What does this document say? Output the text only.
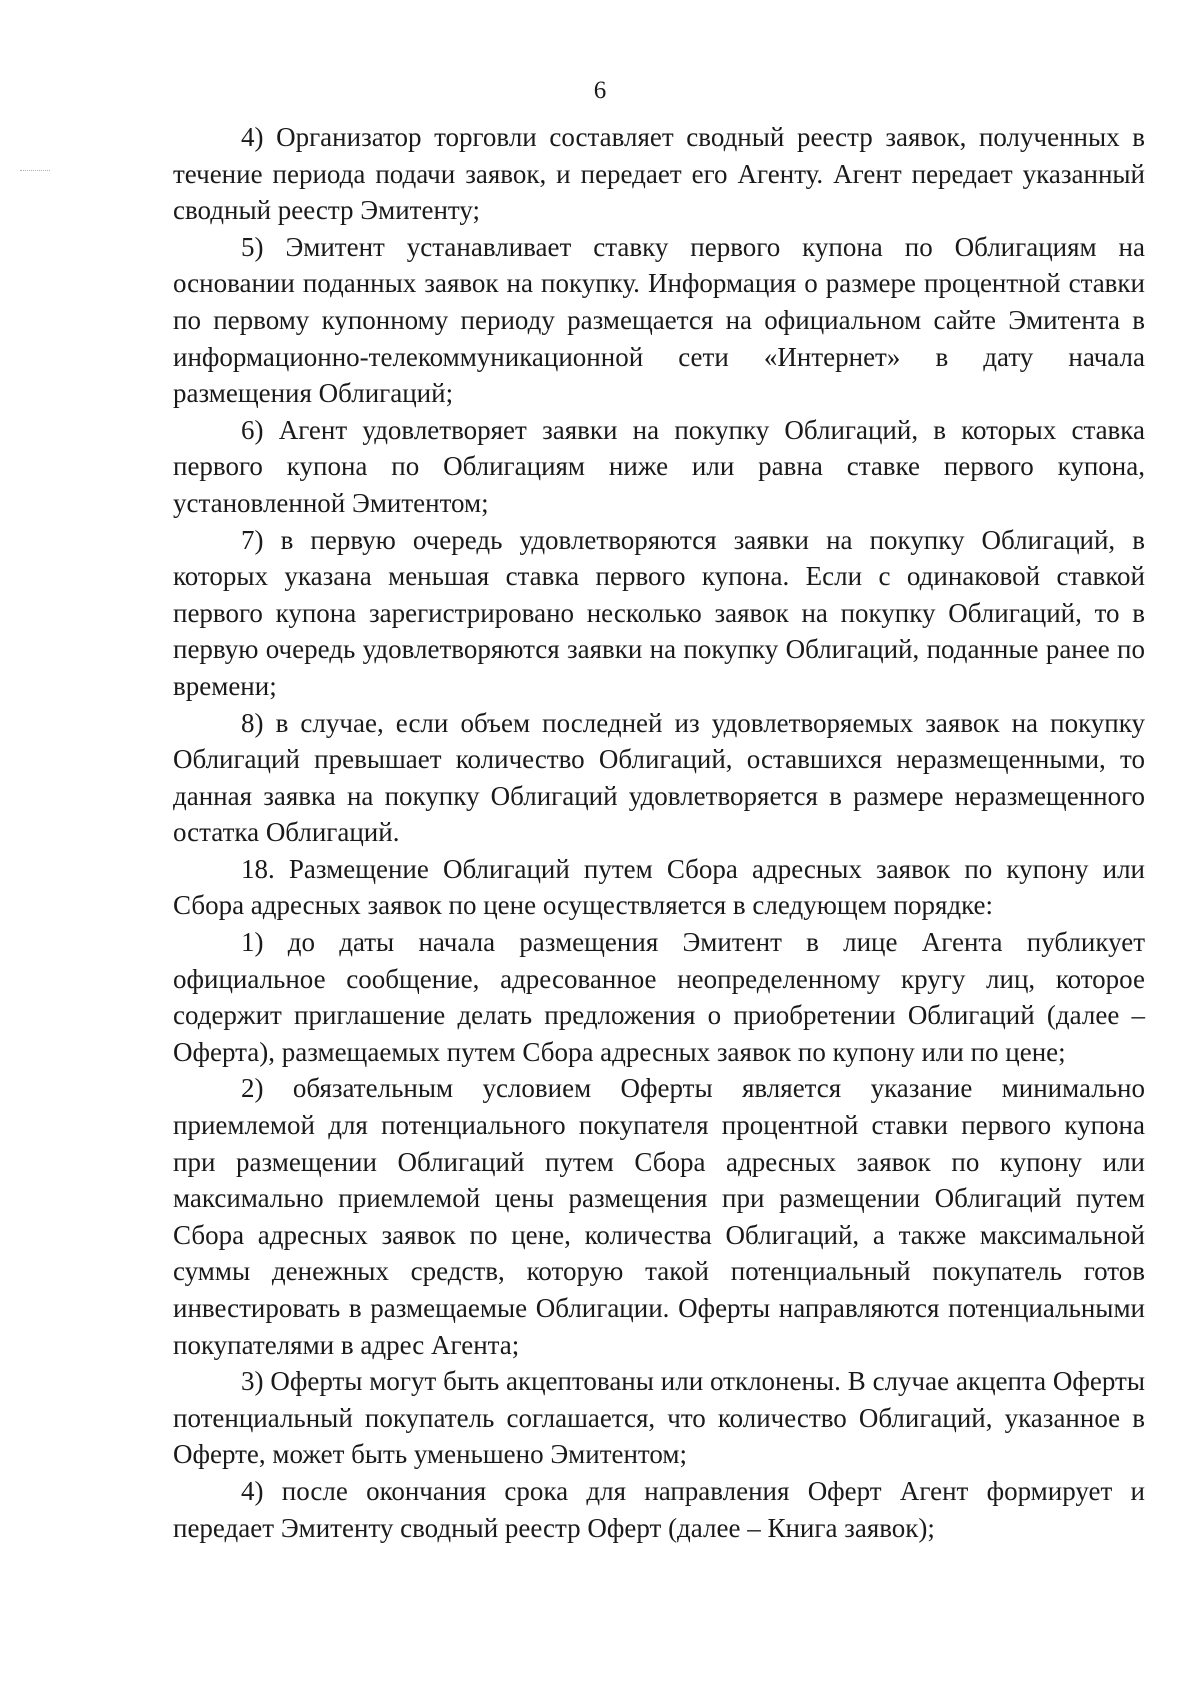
6

4) Организатор торговли составляет сводный реестр заявок, полученных в течение периода подачи заявок, и передает его Агенту. Агент передает указанный сводный реестр Эмитенту;

5) Эмитент устанавливает ставку первого купона по Облигациям на основании поданных заявок на покупку. Информация о размере процентной ставки по первому купонному периоду размещается на официальном сайте Эмитента в информационно-телекоммуникационной сети «Интернет» в дату начала размещения Облигаций;

6) Агент удовлетворяет заявки на покупку Облигаций, в которых ставка первого купона по Облигациям ниже или равна ставке первого купона, установленной Эмитентом;

7) в первую очередь удовлетворяются заявки на покупку Облигаций, в которых указана меньшая ставка первого купона. Если с одинаковой ставкой первого купона зарегистрировано несколько заявок на покупку Облигаций, то в первую очередь удовлетворяются заявки на покупку Облигаций, поданные ранее по времени;

8) в случае, если объем последней из удовлетворяемых заявок на покупку Облигаций превышает количество Облигаций, оставшихся неразмещенными, то данная заявка на покупку Облигаций удовлетворяется в размере неразмещенного остатка Облигаций.

18. Размещение Облигаций путем Сбора адресных заявок по купону или Сбора адресных заявок по цене осуществляется в следующем порядке:

1) до даты начала размещения Эмитент в лице Агента публикует официальное сообщение, адресованное неопределенному кругу лиц, которое содержит приглашение делать предложения о приобретении Облигаций (далее – Оферта), размещаемых путем Сбора адресных заявок по купону или по цене;

2) обязательным условием Оферты является указание минимально приемлемой для потенциального покупателя процентной ставки первого купона при размещении Облигаций путем Сбора адресных заявок по купону или максимально приемлемой цены размещения при размещении Облигаций путем Сбора адресных заявок по цене, количества Облигаций, а также максимальной суммы денежных средств, которую такой потенциальный покупатель готов инвестировать в размещаемые Облигации. Оферты направляются потенциальными покупателями в адрес Агента;

3) Оферты могут быть акцептованы или отклонены. В случае акцепта Оферты потенциальный покупатель соглашается, что количество Облигаций, указанное в Оферте, может быть уменьшено Эмитентом;

4) после окончания срока для направления Оферт Агент формирует и передает Эмитенту сводный реестр Оферт (далее – Книга заявок);
